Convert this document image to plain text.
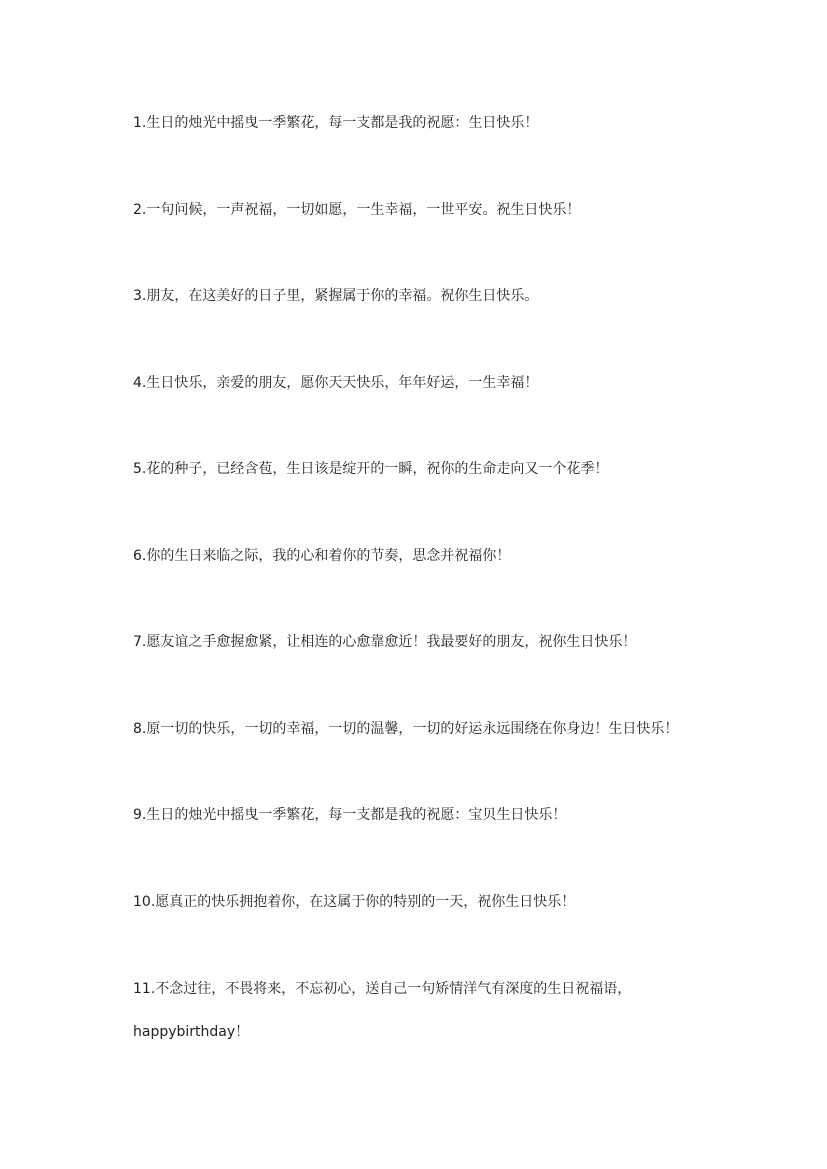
1.生日的烛光中摇曳一季繁花，每一支都是我的祝愿：生日快乐！
2.一句问候，一声祝福，一切如愿，一生幸福，一世平安。祝生日快乐！
3.朋友，在这美好的日子里，紧握属于你的幸福。祝你生日快乐。
4.生日快乐，亲爱的朋友，愿你天天快乐，年年好运，一生幸福！
5.花的种子，已经含苞，生日该是绽开的一瞬，祝你的生命走向又一个花季！
6.你的生日来临之际，我的心和着你的节奏，思念并祝福你！
7.愿友谊之手愈握愈紧，让相连的心愈靠愈近！我最要好的朋友，祝你生日快乐！
8.原一切的快乐，一切的幸福，一切的温馨，一切的好运永远围绕在你身边！生日快乐！
9.生日的烛光中摇曳一季繁花，每一支都是我的祝愿：宝贝生日快乐！
10.愿真正的快乐拥抱着你，在这属于你的特别的一天，祝你生日快乐！
11.不念过往，不畏将来，不忘初心，送自己一句矫情洋气有深度的生日祝福语，
happybirthday！
